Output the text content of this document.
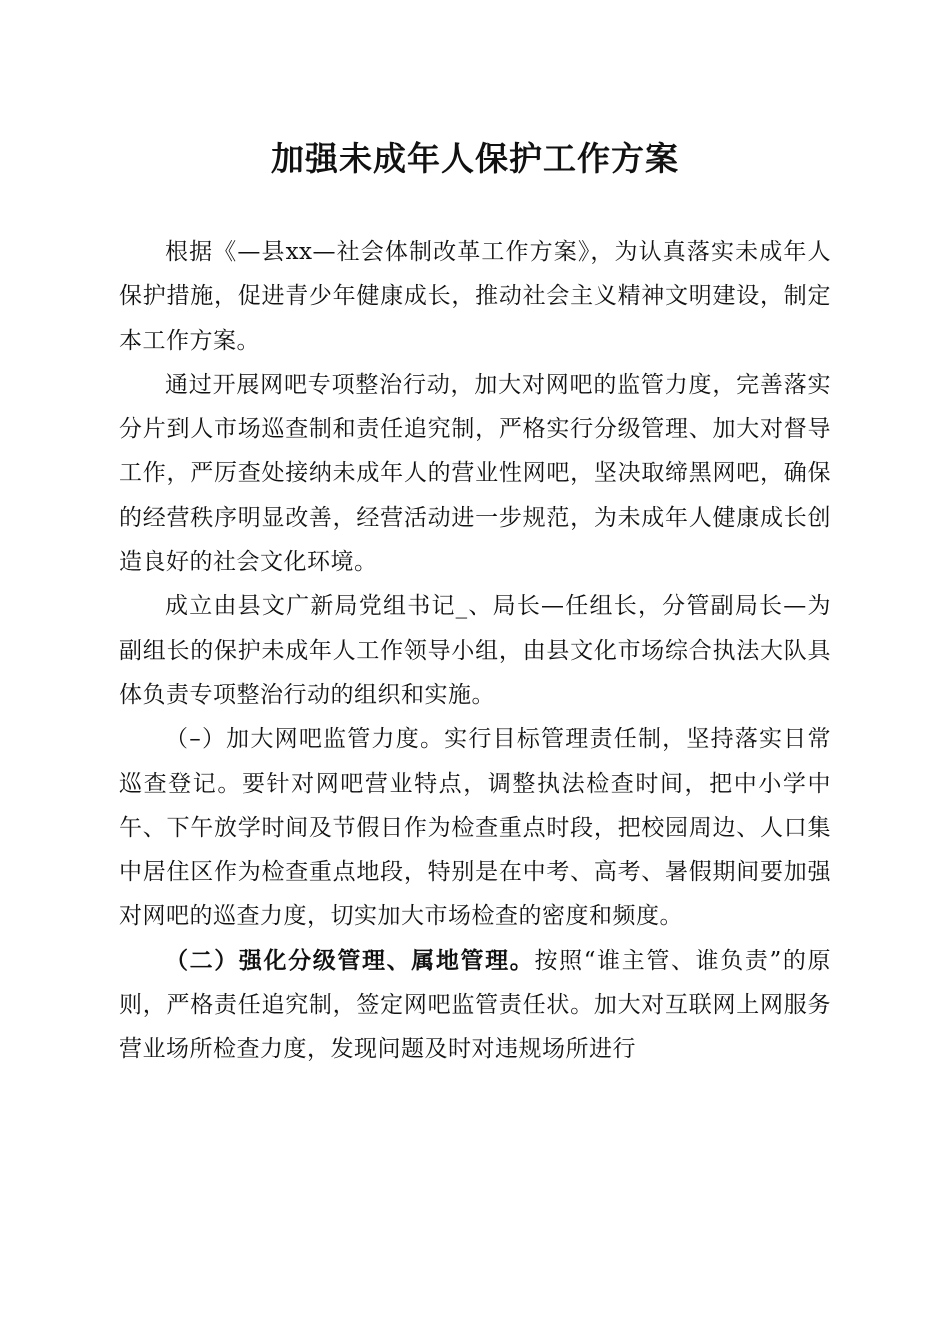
加强未成年人保护工作方案

根据《—县xx—社会体制改革工作方案》，为认真落实未成年人保护措施，促进青少年健康成长，推动社会主义精神文明建设，制定本工作方案。

通过开展网吧专项整治行动，加大对网吧的监管力度，完善落实分片到人市场巡查制和责任追究制，严格实行分级管理、加大对督导工作，严厉查处接纳未成年人的营业性网吧，坚决取缔黑网吧，确保的经营秩序明显改善，经营活动进一步规范，为未成年人健康成长创造良好的社会文化环境。

成立由县文广新局党组书记_、局长—任组长，分管副局长—为副组长的保护未成年人工作领导小组，由县文化市场综合执法大队具体负责专项整治行动的组织和实施。

（–）加大网吧监管力度。实行目标管理责任制，坚持落实日常巡查登记。要针对网吧营业特点，调整执法检查时间，把中小学中午、下午放学时间及节假日作为检查重点时段，把校园周边、人口集中居住区作为检查重点地段，特别是在中考、高考、暑假期间要加强对网吧的巡查力度，切实加大市场检查的密度和频度。

（二）强化分级管理、属地管理。按照“谁主管、谁负责”的原则，严格责任追究制，签定网吧监管责任状。加大对互联网上网服务营业场所检查力度，发现问题及时对违规场所进行
